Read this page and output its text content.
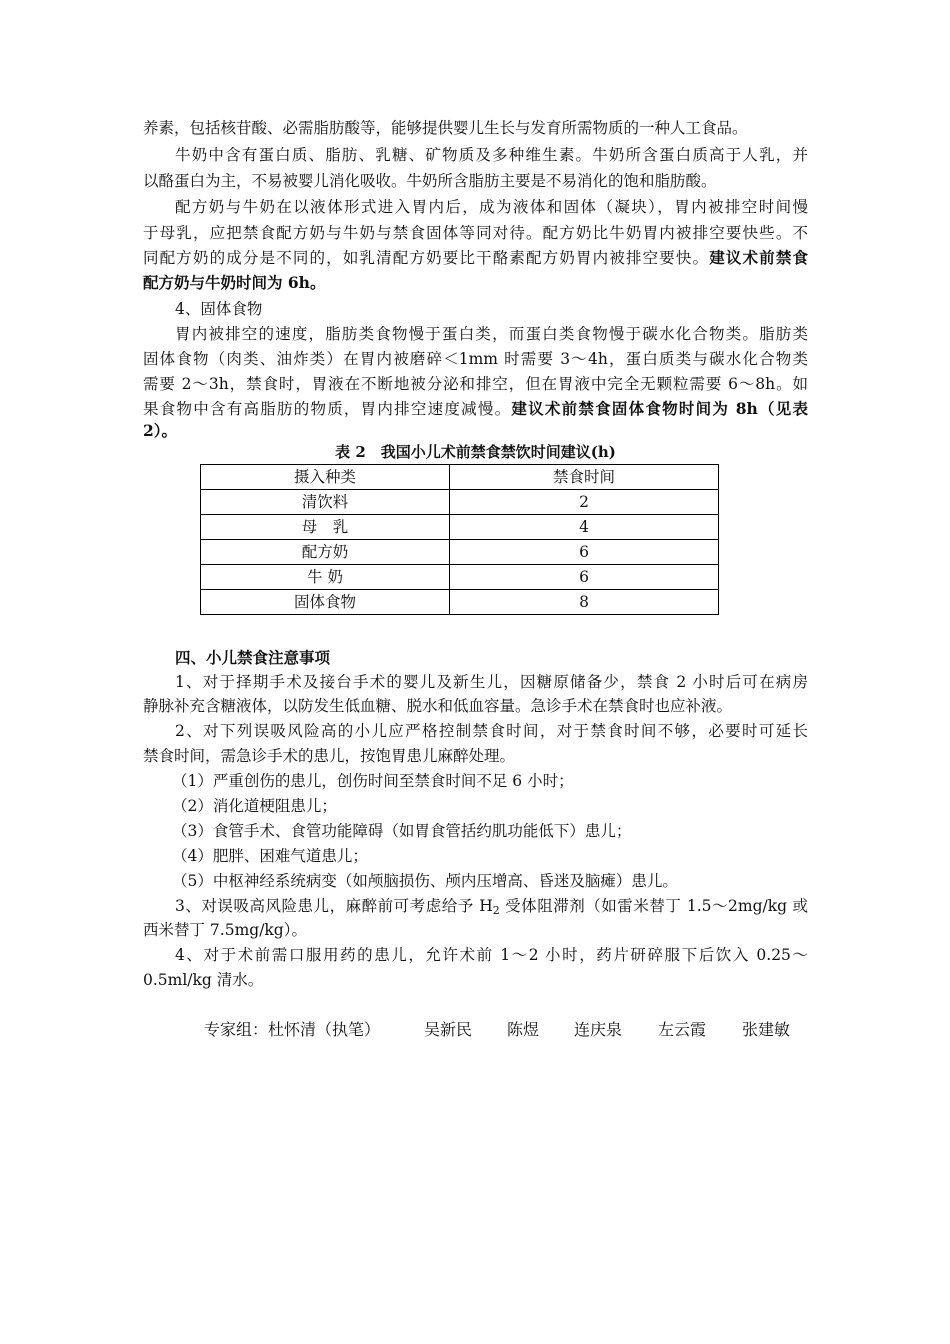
养素，包括核苷酸、必需脂肪酸等，能够提供婴儿生长与发育所需物质的一种人工食品。
牛奶中含有蛋白质、脂肪、乳糖、矿物质及多种维生素。牛奶所含蛋白质高于人乳，并
以酪蛋白为主，不易被婴儿消化吸收。牛奶所含脂肪主要是不易消化的饱和脂肪酸。
配方奶与牛奶在以液体形式进入胃内后，成为液体和固体（凝块），胃内被排空时间慢
于母乳，应把禁食配方奶与牛奶与禁食固体等同对待。配方奶比牛奶胃内被排空要快些。不
同配方奶的成分是不同的，如乳清配方奶要比干酪素配方奶胃内被排空要快。建议术前禁食
配方奶与牛奶时间为 6h。
4、固体食物
胃内被排空的速度，脂肪类食物慢于蛋白类，而蛋白类食物慢于碳水化合物类。脂肪类
固体食物（肉类、油炸类）在胃内被磨碎＜1mm 时需要 3～4h，蛋白质类与碳水化合物类
需要 2～3h，禁食时，胃液在不断地被分泌和排空，但在胃液中完全无颗粒需要 6～8h。如
果食物中含有高脂肪的物质，胃内排空速度减慢。建议术前禁食固体食物时间为 8h（见表
2）。
表 2　我国小儿术前禁食禁饮时间建议(h)
摄入种类	禁食时间
清饮料	2
母　乳	4
配方奶	6
牛 奶	6
固体食物	8
四、小儿禁食注意事项
1、对于择期手术及接台手术的婴儿及新生儿，因糖原储备少，禁食 2 小时后可在病房
静脉补充含糖液体，以防发生低血糖、脱水和低血容量。急诊手术在禁食时也应补液。
2、对下列误吸风险高的小儿应严格控制禁食时间，对于禁食时间不够，必要时可延长
禁食时间，需急诊手术的患儿，按饱胃患儿麻醉处理。
（1）严重创伤的患儿，创伤时间至禁食时间不足 6 小时；
（2）消化道梗阻患儿；
（3）食管手术、食管功能障碍（如胃食管括约肌功能低下）患儿；
（4）肥胖、困难气道患儿；
（5）中枢神经系统病变（如颅脑损伤、颅内压增高、昏迷及脑瘫）患儿。
3、对误吸高风险患儿，麻醉前可考虑给予 $H_2$ 受体阻滞剂（如雷米替丁 1.5～2mg/kg 或
西米替丁 7.5mg/kg）。
4、对于术前需口服用药的患儿，允许术前 1～2 小时，药片研碎服下后饮入 0.25～
0.5ml/kg 清水。
专家组：杜怀清（执笔）	吴新民 陈煜 连庆泉 左云霞 张建敏
